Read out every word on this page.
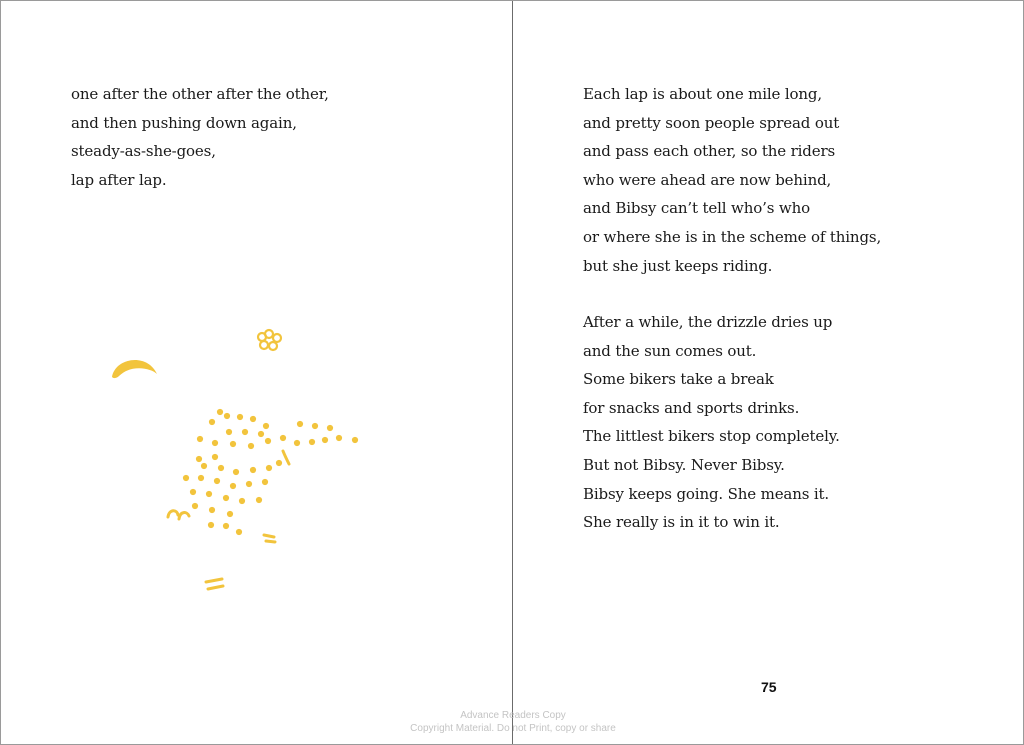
one after the other after the other,
and then pushing down again,
steady-as-she-goes,
lap after lap.
Each lap is about one mile long,
and pretty soon people spread out
and pass each other, so the riders
who were ahead are now behind,
and Bibsy can’t tell who’s who
or where she is in the scheme of things,
but she just keeps riding.
After a while, the drizzle dries up
and the sun comes out.
Some bikers take a break
for snacks and sports drinks.
The littlest bikers stop completely.
But not Bibsy. Never Bibsy.
Bibsy keeps going. She means it.
She really is in it to win it.
75
Advance Readers Copy
Copyright Material. Do not Print, copy or share
